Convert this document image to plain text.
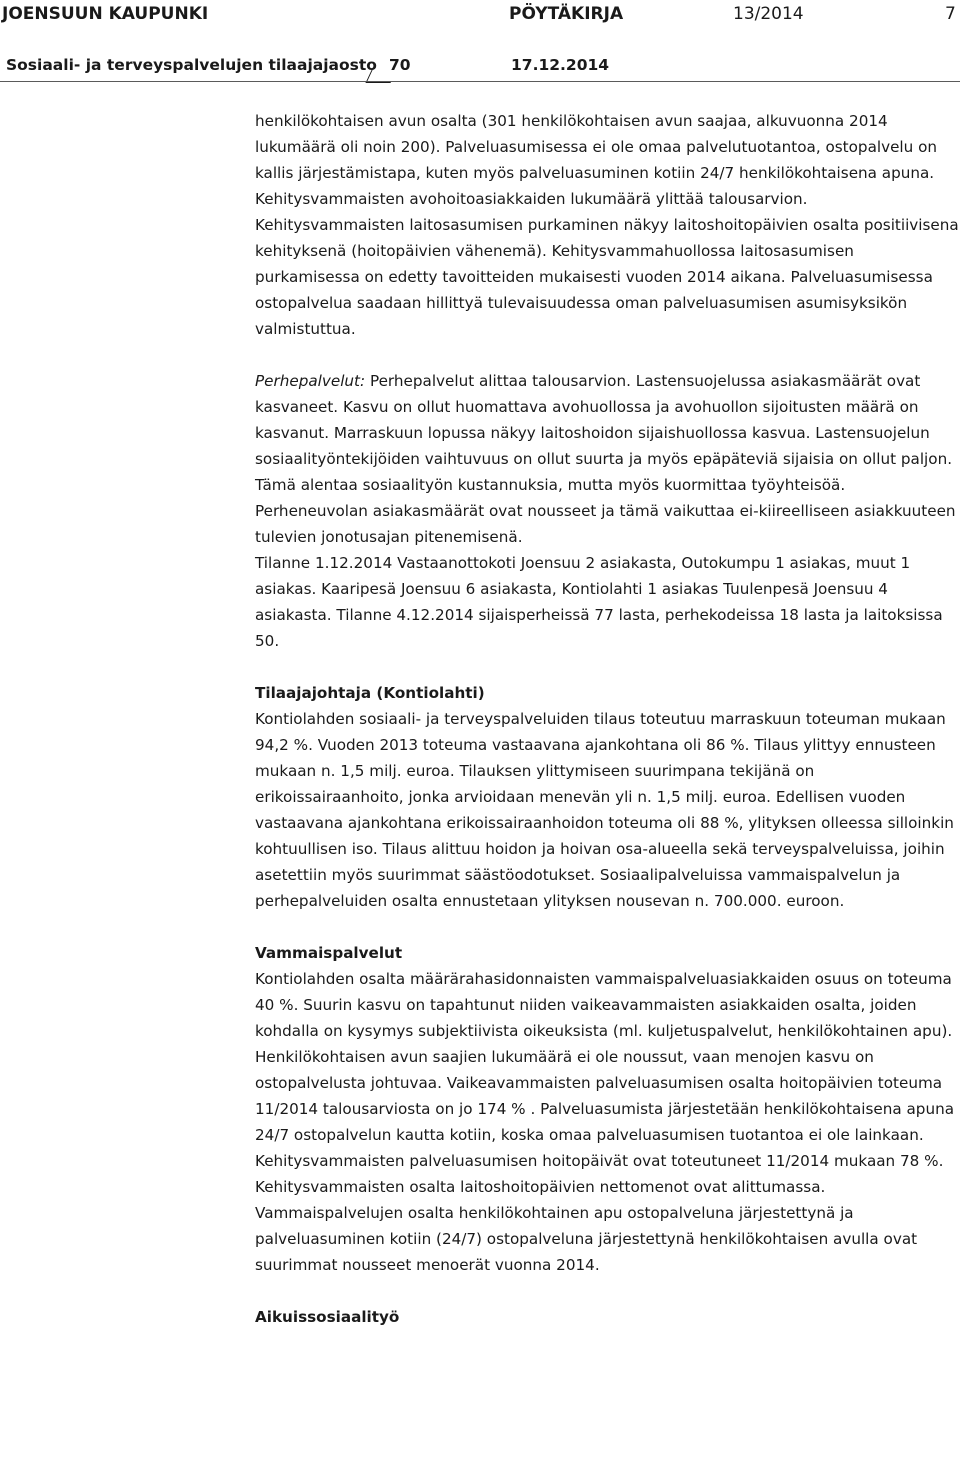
JOENSUUN KAUPUNKI	PÖYTÄKIRJA	13/2014	7
Sosiaali- ja terveyspalvelujen tilaajajaosto 70	17.12.2014

henkilökohtaisen avun osalta (301 henkilökohtaisen avun saajaa, alkuvuonna 2014 lukumäärä oli noin 200). Palveluasumisessa ei ole omaa palvelutuotantoa, ostopalvelu on kallis järjestämistapa, kuten myös palveluasuminen kotiin 24/7 henkilökohtaisena apuna.

Kehitysvammaisten avohoitoasiakkaiden lukumäärä ylittää talousarvion.

Kehitysvammaisten laitosasumisen purkaminen näkyy laitoshoitopäivien osalta positiivisena kehityksenä (hoitopäivien vähenemä). Kehitysvammahuollossa laitosasumisen purkamisessa on edetty tavoitteiden mukaisesti vuoden 2014 aikana. Palveluasumisessa ostopalvelua saadaan hillittyä tulevaisuudessa oman palveluasumisen asumisyksikön valmistuttua.

Perhepalvelut: Perhepalvelut alittaa talousarvion. Lastensuojelussa asiakasmäärät ovat kasvaneet. Kasvu on ollut huomattava avohuollossa ja avohuollon sijoitusten määrä on kasvanut. Marraskuun lopussa näkyy laitoshoidon sijaishuollossa kasvua. Lastensuojelun sosiaalityöntekijöiden vaihtuvuus on ollut suurta ja myös epäpäteviä sijaisia on ollut paljon. Tämä alentaa sosiaalityön kustannuksia, mutta myös kuormittaa työyhteisöä. Perheneuvolan asiakasmäärät ovat nousseet ja tämä vaikuttaa ei-kiireelliseen asiakkuuteen tulevien jonotusajan pitenemisenä.

Tilanne 1.12.2014 Vastaanottokoti Joensuu 2 asiakasta, Outokumpu 1 asiakas, muut 1 asiakas. Kaaripesä Joensuu 6 asiakasta, Kontiolahti 1 asiakas Tuulenpesä Joensuu 4 asiakasta. Tilanne 4.12.2014 sijaisperheissä 77 lasta, perhekodeissa 18 lasta ja laitoksissa 50.

Tilaajajohtaja (Kontiolahti)

Kontiolahden sosiaali- ja terveyspalveluiden tilaus toteutuu marraskuun toteuman mukaan 94,2 %. Vuoden 2013 toteuma vastaavana ajankohtana oli 86 %. Tilaus ylittyy ennusteen mukaan n. 1,5 milj. euroa. Tilauksen ylittymiseen suurimpana tekijänä on erikoissairaanhoito, jonka arvioidaan menevän yli n. 1,5 milj. euroa. Edellisen vuoden vastaavana ajankohtana erikoissairaanhoidon toteuma oli 88 %, ylityksen olleessa silloinkin kohtuullisen iso. Tilaus alittuu hoidon ja hoivan osa-alueella sekä terveyspalveluissa, joihin asetettiin myös suurimmat säästöodotukset. Sosiaalipalveluissa vammaispalvelun ja perhepalveluiden osalta ennustetaan ylityksen nousevan n. 700.000. euroon.

Vammaispalvelut

Kontiolahden osalta määrärahasidonnaisten vammaispalveluasiakkaiden osuus on toteuma 40 %. Suurin kasvu on tapahtunut niiden vaikeavammaisten asiakkaiden osalta, joiden kohdalla on kysymys subjektiivista oikeuksista (ml. kuljetuspalvelut, henkilökohtainen apu). Henkilökohtaisen avun saajien lukumäärä ei ole noussut, vaan menojen kasvu on ostopalvelusta johtuvaa. Vaikeavammaisten palveluasumisen osalta hoitopäivien toteuma 11/2014 talousarviosta on jo 174 % . Palveluasumista järjestetään henkilökohtaisena apuna 24/7 ostopalvelun kautta kotiin, koska omaa palveluasumisen tuotantoa ei ole lainkaan. Kehitysvammaisten palveluasumisen hoitopäivät ovat toteutuneet 11/2014 mukaan 78 %. Kehitysvammaisten osalta laitoshoitopäivien nettomenot ovat alittumassa. Vammaispalvelujen osalta henkilökohtainen apu ostopalveluna järjestettynä ja palveluasuminen kotiin (24/7) ostopalveluna järjestettynä henkilökohtaisen avulla ovat suurimmat nousseet menoerät vuonna 2014.

Aikuissosiaalityö
